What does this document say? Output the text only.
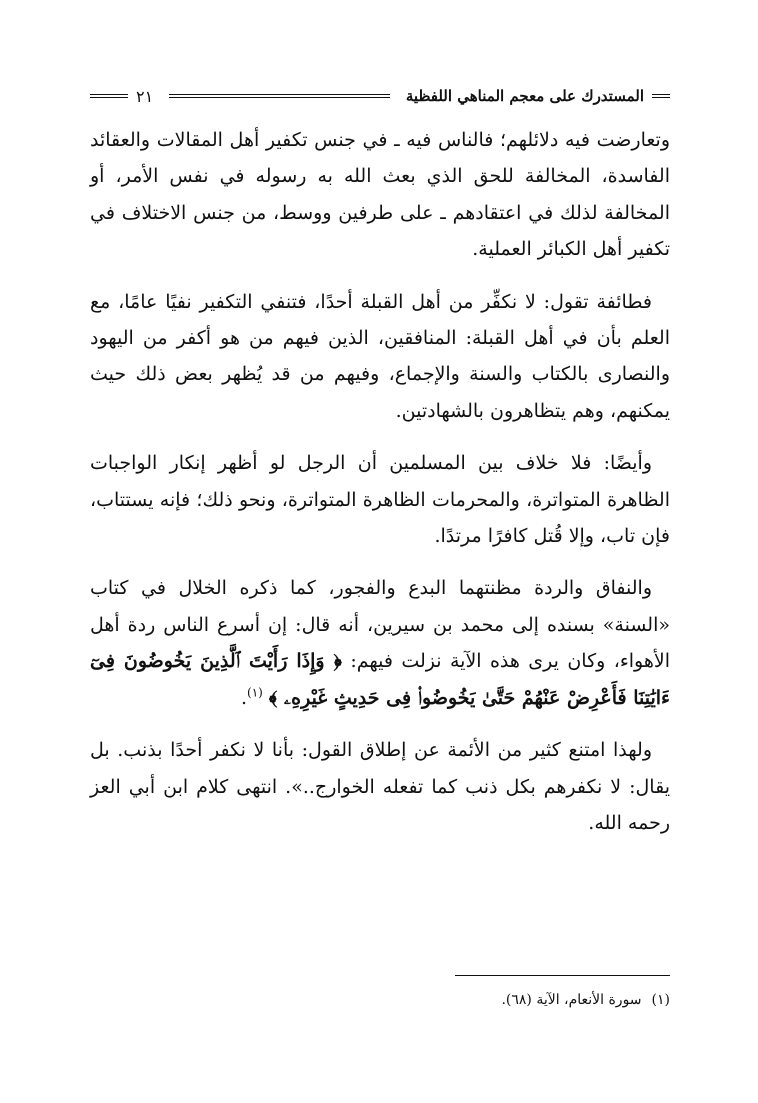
المستدرك على معجم المناهي اللفظية
٢١

وتعارضت فيه دلائلهم؛ فالناس فيه ـ في جنس تكفير أهل المقالات والعقائد الفاسدة، المخالفة للحق الذي بعث الله به رسوله في نفس الأمر، أو المخالفة لذلك في اعتقادهم ـ على طرفين ووسط، من جنس الاختلاف في تكفير أهل الكبائر العملية.

فطائفة تقول: لا نكفِّر من أهل القبلة أحدًا، فتنفي التكفير نفيًا عامًا، مع العلم بأن في أهل القبلة: المنافقين، الذين فيهم من هو أكفر من اليهود والنصارى بالكتاب والسنة والإجماع، وفيهم من قد يُظهر بعض ذلك حيث يمكنهم، وهم يتظاهرون بالشهادتين.

وأيضًا: فلا خلاف بين المسلمين أن الرجل لو أظهر إنكار الواجبات الظاهرة المتواترة، والمحرمات الظاهرة المتواترة، ونحو ذلك؛ فإنه يستتاب، فإن تاب، وإلا قُتل كافرًا مرتدًا.

والنفاق والردة مظنتهما البدع والفجور، كما ذكره الخلال في كتاب «السنة» بسنده إلى محمد بن سيرين، أنه قال: إن أسرع الناس ردة أهل الأهواء، وكان يرى هذه الآية نزلت فيهم: ﴿ وَإِذَا رَأَيْتَ ٱلَّذِينَ يَخُوضُونَ فِىٓ ءَايَٰتِنَا فَأَعْرِضْ عَنْهُمْ حَتَّىٰ يَخُوضُوا۟ فِى حَدِيثٍ غَيْرِهِۦ ﴾ $^{(١)}$.

ولهذا امتنع كثير من الأئمة عن إطلاق القول: بأنا لا نكفر أحدًا بذنب. بل يقال: لا نكفرهم بكل ذنب كما تفعله الخوارج..». انتهى كلام ابن أبي العز رحمه الله.

(١)سورة الأنعام، الآية (٦٨).
